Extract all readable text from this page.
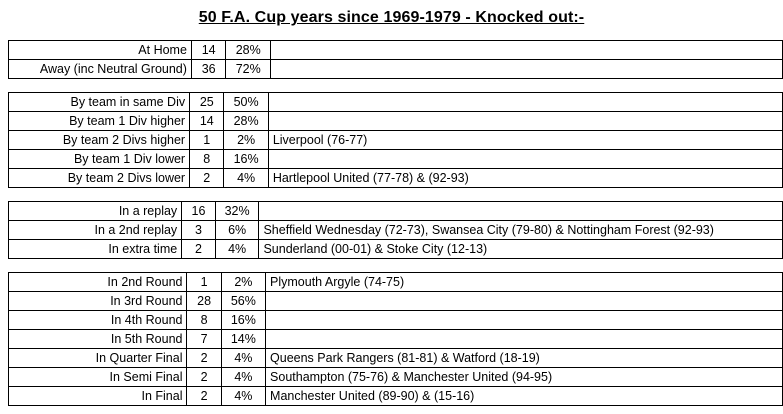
50 F.A. Cup years since 1969-1979 - Knocked out:-
At Home	14	28%	
Away (inc Neutral Ground)	36	72%	
By team in same Div	25	50%	
By team 1 Div higher	14	28%	
By team 2 Divs higher	1	2%	Liverpool (76-77)
By team 1 Div lower	8	16%	
By team 2 Divs lower	2	4%	Hartlepool United (77-78) & (92-93)
In a replay	16	32%	
In a 2nd replay	3	6%	Sheffield Wednesday (72-73), Swansea City (79-80) & Nottingham Forest (92-93)
In extra time	2	4%	Sunderland (00-01) & Stoke City (12-13)
In 2nd Round	1	2%	Plymouth Argyle (74-75)
In 3rd Round	28	56%	
In 4th Round	8	16%	
In 5th Round	7	14%	
In Quarter Final	2	4%	Queens Park Rangers (81-81) & Watford (18-19)
In Semi Final	2	4%	Southampton (75-76) & Manchester United (94-95)
In Final	2	4%	Manchester United (89-90) & (15-16)
